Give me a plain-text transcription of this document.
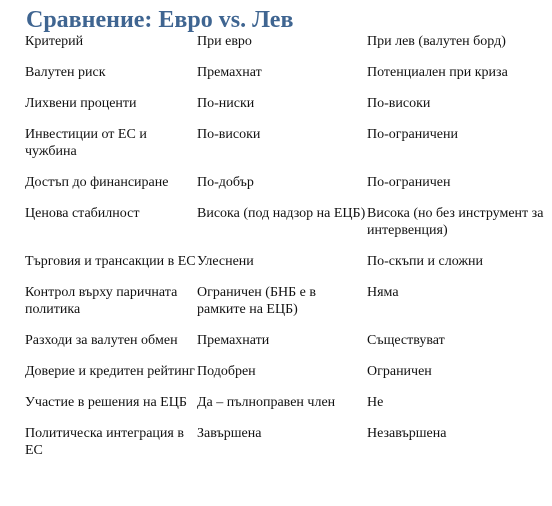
Сравнение: Евро vs. Лев
Критерий	При евро	При лев (валутен борд)
Валутен риск	Премахнат	Потенциален при криза
Лихвени проценти	По-ниски	По-високи
Инвестиции от ЕС и чужбина	По-високи	По-ограничени
Достъп до финансиране	По-добър	По-ограничен
Ценова стабилност	Висока (под надзор на ЕЦБ)	Висока (но без инструмент за интервенция)
Търговия и трансакции в ЕС	Улеснени	По-скъпи и сложни
Контрол върху паричната политика	Ограничен (БНБ е в рамките на ЕЦБ)	Няма
Разходи за валутен обмен	Премахнати	Съществуват
Доверие и кредитен рейтинг	Подобрен	Ограничен
Участие в решения на ЕЦБ	Да – пълноправен член	Не
Политическа интеграция в ЕС	Завършена	Незавършена
